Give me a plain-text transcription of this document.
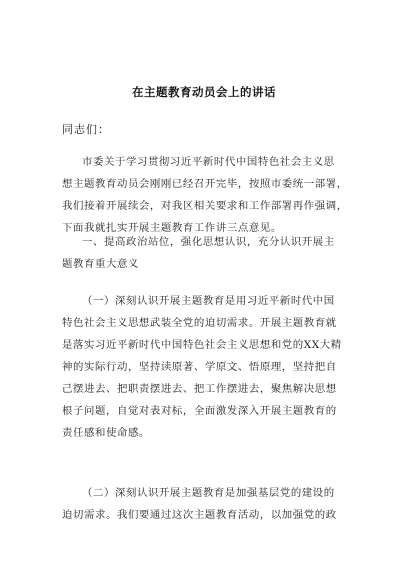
在主题教育动员会上的讲话
同志们：
市委关于学习贯彻习近平新时代中国特色社会主义思
想主题教育动员会刚刚已经召开完毕，按照市委统一部署，
我们接着开展续会，对我区相关要求和工作部署再作强调，
下面我就扎实开展主题教育工作讲三点意见。
一、提高政治站位，强化思想认识，充分认识开展主
题教育重大意义
（一）深刻认识开展主题教育是用习近平新时代中国
特色社会主义思想武装全党的迫切需求。开展主题教育就
是落实习近平新时代中国特色社会主义思想和党的XX大精
神的实际行动，坚持读原著、学原文、悟原理，坚持把自
己摆进去、把职责摆进去、把工作摆进去，聚焦解决思想
根子问题，自觉对表对标，全面激发深入开展主题教育的
责任感和使命感。
（二）深刻认识开展主题教育是加强基层党的建设的
迫切需求。我们要通过这次主题教育活动，以加强党的政
